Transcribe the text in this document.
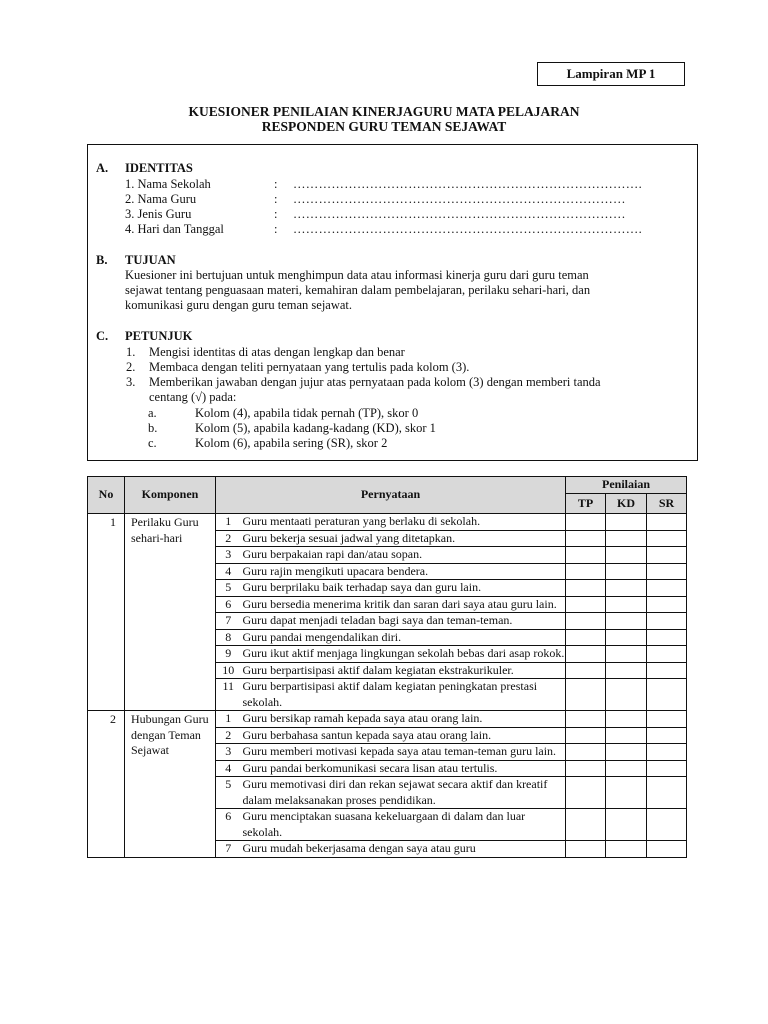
Lampiran MP 1
KUESIONER PENILAIAN KINERJAGURU MATA PELAJARAN
RESPONDEN GURU TEMAN SEJAWAT
A. IDENTITAS
1. Nama Sekolah	: ……………………………………………………………………….
2. Nama Guru	: ……………………………………………………………………
3. Jenis Guru	: ……………………………………………………………………
4. Hari dan Tanggal	: ……………………………………………………………………….
B. TUJUAN
Kuesioner ini bertujuan untuk menghimpun data atau informasi kinerja guru dari guru teman
sejawat tentang penguasaan materi, kemahiran dalam pembelajaran, perilaku sehari-hari, dan
komunikasi guru dengan guru teman sejawat.
C. PETUNJUK
1. Mengisi identitas di atas dengan lengkap dan benar
2. Membaca dengan teliti pernyataan yang tertulis pada kolom (3).
3. Memberikan jawaban dengan jujur atas pernyataan pada kolom (3) dengan memberi tanda
centang (√) pada:
a.	Kolom (4), apabila tidak pernah (TP), skor 0
b.	Kolom (5), apabila kadang-kadang (KD), skor 1
c.	Kolom (6), apabila sering (SR), skor 2
No	Komponen	Pernyataan		Penilaian		
				TP	KD	SR
1	Perilaku Guru sehari-hari	1	Guru mentaati peraturan yang berlaku di sekolah.			
		2	Guru bekerja sesuai jadwal yang ditetapkan.			
		3	Guru berpakaian rapi dan/atau sopan.			
		4	Guru rajin mengikuti upacara bendera.			
		5	Guru berprilaku baik terhadap saya dan guru lain.			
		6	Guru bersedia menerima kritik dan saran dari saya atau guru lain.			
		7	Guru dapat menjadi teladan bagi saya dan teman-teman.			
		8	Guru pandai mengendalikan diri.			
		9	Guru ikut aktif menjaga lingkungan sekolah bebas dari asap rokok.			
		10	Guru berpartisipasi aktif dalam kegiatan ekstrakurikuler.			
		11	Guru berpartisipasi aktif dalam kegiatan peningkatan prestasi sekolah.			
2	Hubungan Guru dengan Teman Sejawat	1	Guru bersikap ramah kepada saya atau orang lain.			
		2	Guru berbahasa santun kepada saya atau orang lain.			
		3	Guru memberi motivasi kepada saya atau teman-teman guru lain.			
		4	Guru pandai berkomunikasi secara lisan atau tertulis.			
		5	Guru memotivasi diri dan rekan sejawat secara aktif dan kreatif dalam melaksanakan proses pendidikan.			
		6	Guru menciptakan suasana kekeluargaan di dalam dan luar sekolah.			
		7	Guru mudah bekerjasama dengan saya atau guru			
